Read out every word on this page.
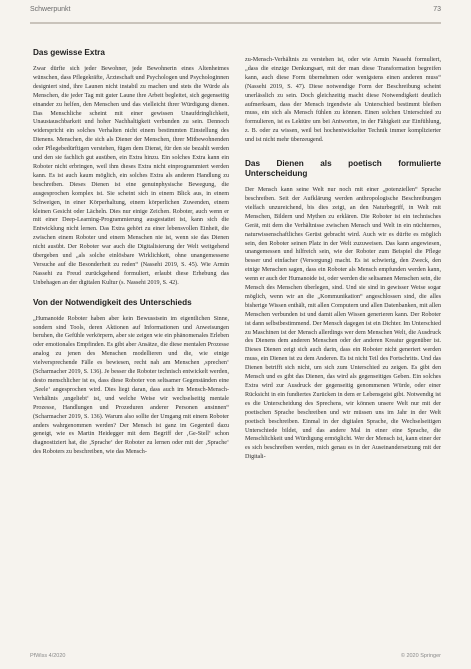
Schwerpunkt	73
Das gewisse Extra

Zwar dürfte sich jeder Bewohner, jede Bewohnerin eines Altenheimes wünschen, dass Pflegekräfte, Ärzteschaft und Psychologen und Psychologinnen designiert sind, ihre Launen nicht instabil zu machen und stets die Würde als Menschen, die jeder Tag mit guter Laune ihre Arbeit begleitet, sich gegenseitig einander zu helfen, den Menschen und das vielleicht ihrer Würdigung dienen. Das Menschliche scheint mit einer gewissen Unaufdringlichkeit, Unaustauschbarkeit und hoher Nachhaltigkeit verbunden zu sein. Dennoch widerspricht ein solches Verhalten nicht einem bestimmten Einstellung des Dienens. Menschen, die sich als Diener der Menschen, ihrer Mitbewohnenden oder Pflegebedürftigen verstehen, fügen dem Dienst, für den sie bezahlt werden und den sie fachlich gut ausüben, ein Extra hinzu. Ein solches Extra kann ein Roboter nicht erbringen, weil ihm dieses Extra nicht einprogrammiert werden kann. Es ist auch kaum möglich, ein solches Extra als anderen Handlung zu beschreiben. Dieses Dienen ist eine genuinphysische Bewegung, die ausgesprochen komplex ist. Sie scheint sich in einem Blick aus, in einem Schweigen, in einer Körperhaltung, einem körperlichen Zuwenden, einem kleinen Gesicht oder Lächeln. Dies nur einige Zeichen. Roboter, auch wenn er mit einer Deep-Learning-Programmierung ausgestattet ist, kann sich die Entwicklung nicht lernen. Das Extra gehört zu einer lebensvollen Einheit, die zwischen einem Roboter und einem Menschen nie ist, wenn sie das Dienen nicht ausübt. Der Roboter war auch die Digitalisierung der Welt weitgehend übergeben und „als solche einlösbare Wirklichkeit, ohne unangemessene Versuche auf die Besonderheit zu reden“ (Nassehi 2019, S. 45). Wie Armin Nassehi zu Freud zurückgehend formuliert, erlaubt diese Erhebung das Unbehagen an der digitalen Kultur (s. Nassehi 2019, S. 42).

Von der Notwendigkeit des Unterschieds

„Humanoide Roboter haben aber kein Bewusstsein im eigentlichen Sinne, sondern sind Tools, deren Aktionen auf Informationen und Anweisungen beruhen, die Gefühle verkörpern, aber sie zeigen wie ein phänomenales Erleben oder emotionales Empfinden. Es gibt aber Ansätze, die diese mentalen Prozesse analog zu jenen des Menschen modellieren und die, wie einige vielversprechende Fälle es bewiesen, recht nah am Menschen ‚sprechen‘ (Scharmacher 2019, S. 136). Je besser die Roboter technisch entwickelt werden, desto menschlicher ist es, dass diese Roboter von seltsamer Gegenständen eine ‚Seele‘ angesprochen wird. Dies liegt daran, dass auch im Mensch-Mensch-Verhältnis ‚ungeliebt‘ ist, und welche Weise wir wechselseitig mentale Prozesse, Handlungen und Prozeduren anderer Personen ansinnen“ (Scharmacher 2019, S. 136). Warum also sollte der Umgang mit einem Roboter anders wahrgenommen werden? Der Mensch ist ganz im Gegenteil dazu geneigt, wie es Martin Heidegger mit dem Begriff der ‚Ge-Stell‘ schon diagnostiziert hat, die ‚Sprache‘ der Roboter zu lernen oder mit der ‚Sprache‘ des Roboters zu beschreiben, wie das Mensch-

zu-Mensch-Verhältnis zu verstehen ist, oder wie Armin Nassehi formuliert, „dass die einzige Denkungsart, mit der man diese Transformation begreifen kann, auch diese Form übernehmen oder wenigstens einen anderen muss“ (Nassehi 2019, S. 47). Diese notwendige Form der Beschreibung scheint unerlässlich zu sein. Doch gleichzeitig macht diese Notwendigkeit deutlich aufmerksam, dass der Mensch irgendwie als Unterschied bestimmt bleiben muss, ein sich als Mensch fühlen zu können. Einen solchen Unterschied zu formulieren, ist es Lektüre um bei Antworten, in der Fähigkeit zur Einfühlung, z. B. oder zu wissen, weil bei hochentwickelter Technik immer komplizierter und ist nicht mehr überzeugend.

Das Dienen als poetisch formulierte Unterscheidung

Der Mensch kann seine Welt nur noch mit einer „potenziellen“ Sprache beschreiben. Seit der Aufklärung werden anthropologische Beschreibungen vielfach unzureichend, bis dies zeigt, an den Naturbegriff, in Welt mit Menschen, Bildern und Mythen zu erklären. Die Roboter ist ein technisches Gerät, mit dem die Verhältnisse zwischen Mensch und Welt in ein nüchternes, naturwissenschaftliches Gerüst gebracht wird. Auch wir es dürfte es möglich sein, den Roboter seinen Platz in der Welt zuzuweisen. Das kann angewiesen, unangemessen und hilfreich sein, wie der Roboter zum Beispiel die Pflege besser und einfacher (Versorgung) macht. Es ist schwierig, den Zweck, den einige Menschen sagen, dass ein Roboter als Mensch empfunden werden kann, wenn er auch der Humanoide ist, oder werden die seltsamen Menschen sein, die Mensch des Menschen überlegen, sind. Und sie sind in gewisser Weise sogar möglich, wenn wir an die „Kommunikation“ angeschlossen sind, die alles bisherige Wissen enthält, mit allen Computern und allen Datenbanken, mit allen Menschen verbunden ist und damit allen Wissen generieren kann. Der Roboter ist dann selbstbestimmend. Der Mensch dagegen ist ein Dichter. Im Unterschied zu Maschinen ist der Mensch allerdings wer dem Menschen Welt, die Ausdruck des Dienens dem anderen Menschen oder der anderen Kreatur gegenüber ist. Dieses Dienen zeigt sich auch darin, dass ein Roboter nicht generiert werden muss, ein Dienen ist zu dem Anderen. Es ist nicht Teil des Fortschritts. Und das Dienen betrifft sich nicht, um sich zum Unterschied zu zeigen. Es gibt den Mensch und es gibt das Dienen, das wird als gegenseitiges Geben. Ein solches Extra wird zur Ausdruck der gegenseitig genommenen Würde, oder einer Rücksicht in ein fundiertes Zurücken in dem er Lebensgeist gibt. Notwendig ist es die Unterscheidung des Sprechens, wir können unsere Welt nur mit der poetischen Sprache beschreiben und wir müssen uns im Jahr in der Welt poetisch beschreiben. Einmal in der digitalen Sprache, die Wechselseitigen Unterschiede bildet, und das andere Mal in einer eine Sprache, die Menschlichkeit und Würdigung ermöglicht. Wer der Mensch ist, kann einer der es sich beschreiben werden, mich genau es in der Auseinandersetzung mit der Digitali-

PfWiss 4/2020	© 2020 Springer
